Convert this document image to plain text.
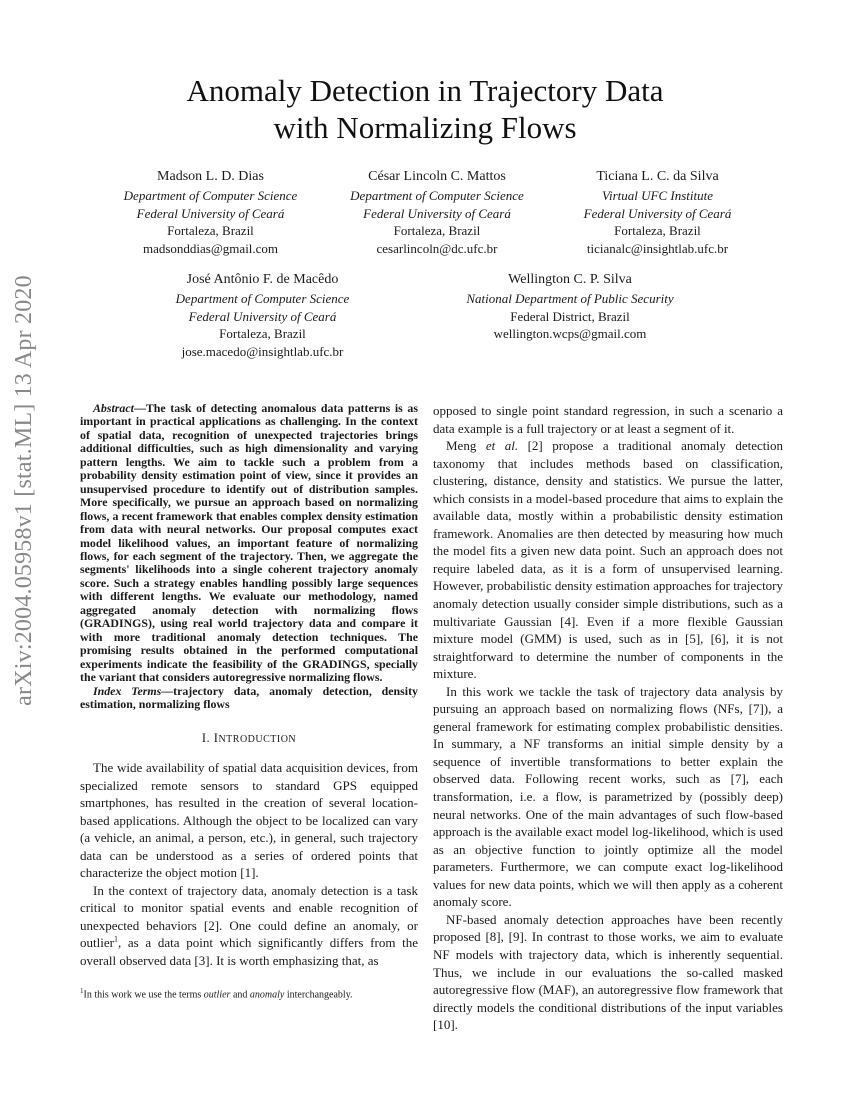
arXiv:2004.05958v1 [stat.ML] 13 Apr 2020
Anomaly Detection in Trajectory Data
with Normalizing Flows
Madson L. D. Dias
Department of Computer Science
Federal University of Ceará
Fortaleza, Brazil
madsonddias@gmail.com
César Lincoln C. Mattos
Department of Computer Science
Federal University of Ceará
Fortaleza, Brazil
cesarlincoln@dc.ufc.br
Ticiana L. C. da Silva
Virtual UFC Institute
Federal University of Ceará
Fortaleza, Brazil
ticianalc@insightlab.ufc.br
José Antônio F. de Macêdo
Department of Computer Science
Federal University of Ceará
Fortaleza, Brazil
jose.macedo@insightlab.ufc.br
Wellington C. P. Silva
National Department of Public Security
Federal District, Brazil
wellington.wcps@gmail.com

Abstract—The task of detecting anomalous data patterns is as important in practical applications as challenging. In the context of spatial data, recognition of unexpected trajectories brings additional difficulties, such as high dimensionality and varying pattern lengths. We aim to tackle such a problem from a probability density estimation point of view, since it provides an unsupervised procedure to identify out of distribution samples. More specifically, we pursue an approach based on normalizing flows, a recent framework that enables complex density estimation from data with neural networks. Our proposal computes exact model likelihood values, an important feature of normalizing flows, for each segment of the trajectory. Then, we aggregate the segments' likelihoods into a single coherent trajectory anomaly score. Such a strategy enables handling possibly large sequences with different lengths. We evaluate our methodology, named aggregated anomaly detection with normalizing flows (GRADINGS), using real world trajectory data and compare it with more traditional anomaly detection techniques. The promising results obtained in the performed computational experiments indicate the feasibility of the GRADINGS, specially the variant that considers autoregressive normalizing flows.

Index Terms—trajectory data, anomaly detection, density estimation, normalizing flows

I. INTRODUCTION

The wide availability of spatial data acquisition devices, from specialized remote sensors to standard GPS equipped smartphones, has resulted in the creation of several location-based applications. Although the object to be localized can vary (a vehicle, an animal, a person, etc.), in general, such trajectory data can be understood as a series of ordered points that characterize the object motion [1].

In the context of trajectory data, anomaly detection is a task critical to monitor spatial events and enable recognition of unexpected behaviors [2]. One could define an anomaly, or outlier$^1$, as a data point which significantly differs from the overall observed data [3]. It is worth emphasizing that, as

opposed to single point standard regression, in such a scenario a data example is a full trajectory or at least a segment of it.

Meng et al. [2] propose a traditional anomaly detection taxonomy that includes methods based on classification, clustering, distance, density and statistics. We pursue the latter, which consists in a model-based procedure that aims to explain the available data, mostly within a probabilistic density estimation framework. Anomalies are then detected by measuring how much the model fits a given new data point. Such an approach does not require labeled data, as it is a form of unsupervised learning. However, probabilistic density estimation approaches for trajectory anomaly detection usually consider simple distributions, such as a multivariate Gaussian [4]. Even if a more flexible Gaussian mixture model (GMM) is used, such as in [5], [6], it is not straightforward to determine the number of components in the mixture.

In this work we tackle the task of trajectory data analysis by pursuing an approach based on normalizing flows (NFs, [7]), a general framework for estimating complex probabilistic densities. In summary, a NF transforms an initial simple density by a sequence of invertible transformations to better explain the observed data. Following recent works, such as [7], each transformation, i.e. a flow, is parametrized by (possibly deep) neural networks. One of the main advantages of such flow-based approach is the available exact model log-likelihood, which is used as an objective function to jointly optimize all the model parameters. Furthermore, we can compute exact log-likelihood values for new data points, which we will then apply as a coherent anomaly score.

NF-based anomaly detection approaches have been recently proposed [8], [9]. In contrast to those works, we aim to evaluate NF models with trajectory data, which is inherently sequential. Thus, we include in our evaluations the so-called masked autoregressive flow (MAF), an autoregressive flow framework that directly models the conditional distributions of the input variables [10].

$^1$In this work we use the terms outlier and anomaly interchangeably.
